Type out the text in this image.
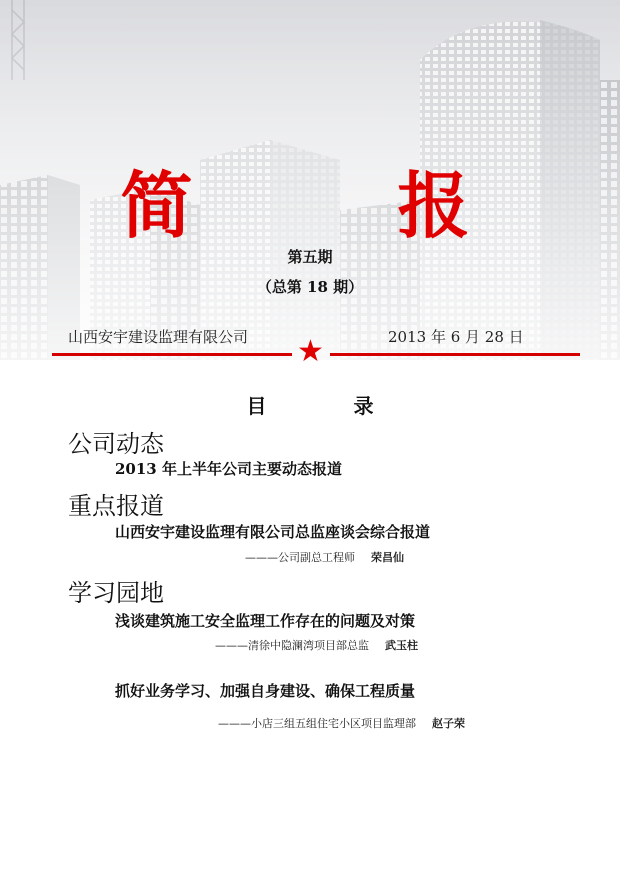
简 报
第五期
（总第 18 期）
山西安宇建设监理有限公司	2013 年 6 月 28 日
★
目 录
公司动态
2013 年上半年公司主要动态报道
重点报道
山西安宇建设监理有限公司总监座谈会综合报道
———公司副总工程师 荣昌仙
学习园地
浅谈建筑施工安全监理工作存在的问题及对策
———清徐中隐澜湾项目部总监 武玉柱
抓好业务学习、加强自身建设、确保工程质量
———小店三组五组住宅小区项目监理部 赵子荣
